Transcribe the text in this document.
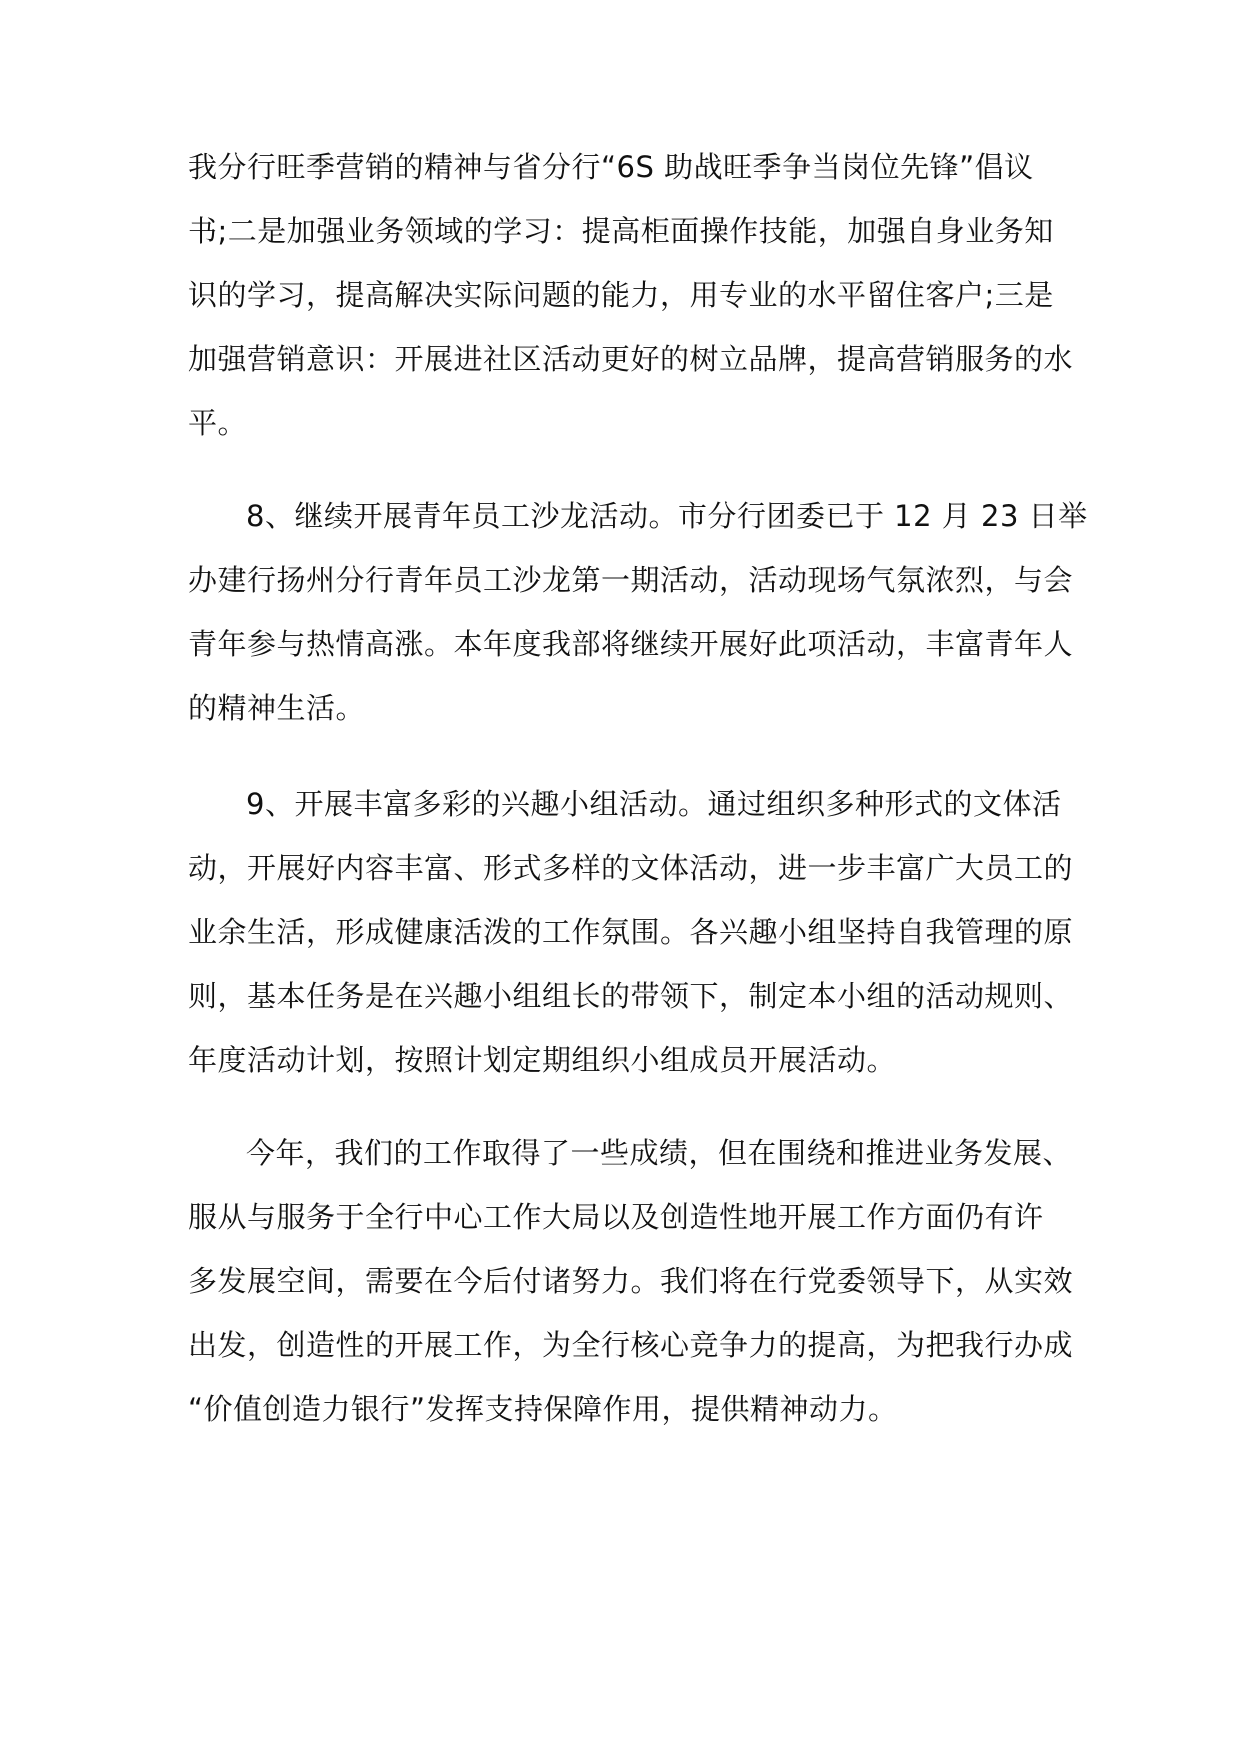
我分行旺季营销的精神与省分行“6S 助战旺季争当岗位先锋”倡议
书;二是加强业务领域的学习：提高柜面操作技能，加强自身业务知
识的学习，提高解决实际问题的能力，用专业的水平留住客户;三是
加强营销意识：开展进社区活动更好的树立品牌，提高营销服务的水
平。
8、继续开展青年员工沙龙活动。市分行团委已于 12 月 23 日举
办建行扬州分行青年员工沙龙第一期活动，活动现场气氛浓烈，与会
青年参与热情高涨。本年度我部将继续开展好此项活动，丰富青年人
的精神生活。
9、开展丰富多彩的兴趣小组活动。通过组织多种形式的文体活
动，开展好内容丰富、形式多样的文体活动，进一步丰富广大员工的
业余生活，形成健康活泼的工作氛围。各兴趣小组坚持自我管理的原
则，基本任务是在兴趣小组组长的带领下，制定本小组的活动规则、
年度活动计划，按照计划定期组织小组成员开展活动。
今年，我们的工作取得了一些成绩，但在围绕和推进业务发展、
服从与服务于全行中心工作大局以及创造性地开展工作方面仍有许
多发展空间，需要在今后付诸努力。我们将在行党委领导下，从实效
出发，创造性的开展工作，为全行核心竞争力的提高，为把我行办成
“价值创造力银行”发挥支持保障作用，提供精神动力。
